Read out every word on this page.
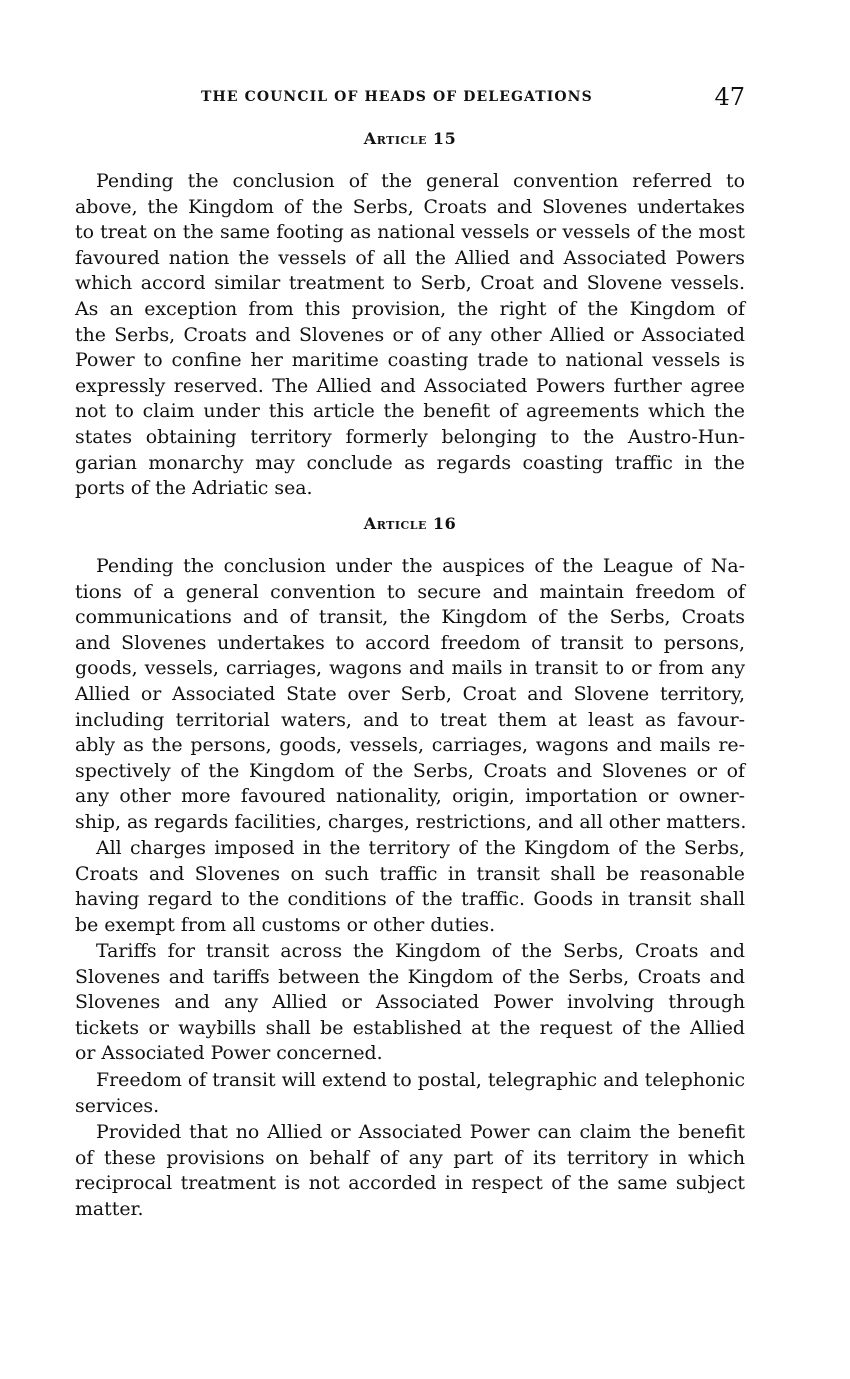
THE COUNCIL OF HEADS OF DELEGATIONS	47
Article 15
Pending the conclusion of the general convention referred to
above, the Kingdom of the Serbs, Croats and Slovenes undertakes
to treat on the same footing as national vessels or vessels of the most
favoured nation the vessels of all the Allied and Associated Powers
which accord similar treatment to Serb, Croat and Slovene vessels.
As an exception from this provision, the right of the Kingdom of
the Serbs, Croats and Slovenes or of any other Allied or Associated
Power to confine her maritime coasting trade to national vessels is
expressly reserved. The Allied and Associated Powers further agree
not to claim under this article the benefit of agreements which the
states obtaining territory formerly belonging to the Austro-Hun-
garian monarchy may conclude as regards coasting traffic in the
ports of the Adriatic sea.
Article 16
Pending the conclusion under the auspices of the League of Na-
tions of a general convention to secure and maintain freedom of
communications and of transit, the Kingdom of the Serbs, Croats
and Slovenes undertakes to accord freedom of transit to persons,
goods, vessels, carriages, wagons and mails in transit to or from any
Allied or Associated State over Serb, Croat and Slovene territory,
including territorial waters, and to treat them at least as favour-
ably as the persons, goods, vessels, carriages, wagons and mails re-
spectively of the Kingdom of the Serbs, Croats and Slovenes or of
any other more favoured nationality, origin, importation or owner-
ship, as regards facilities, charges, restrictions, and all other matters.
All charges imposed in the territory of the Kingdom of the Serbs,
Croats and Slovenes on such traffic in transit shall be reasonable
having regard to the conditions of the traffic. Goods in transit shall
be exempt from all customs or other duties.
Tariffs for transit across the Kingdom of the Serbs, Croats and
Slovenes and tariffs between the Kingdom of the Serbs, Croats and
Slovenes and any Allied or Associated Power involving through
tickets or waybills shall be established at the request of the Allied
or Associated Power concerned.
Freedom of transit will extend to postal, telegraphic and telephonic
services.
Provided that no Allied or Associated Power can claim the benefit
of these provisions on behalf of any part of its territory in which
reciprocal treatment is not accorded in respect of the same subject
matter.
